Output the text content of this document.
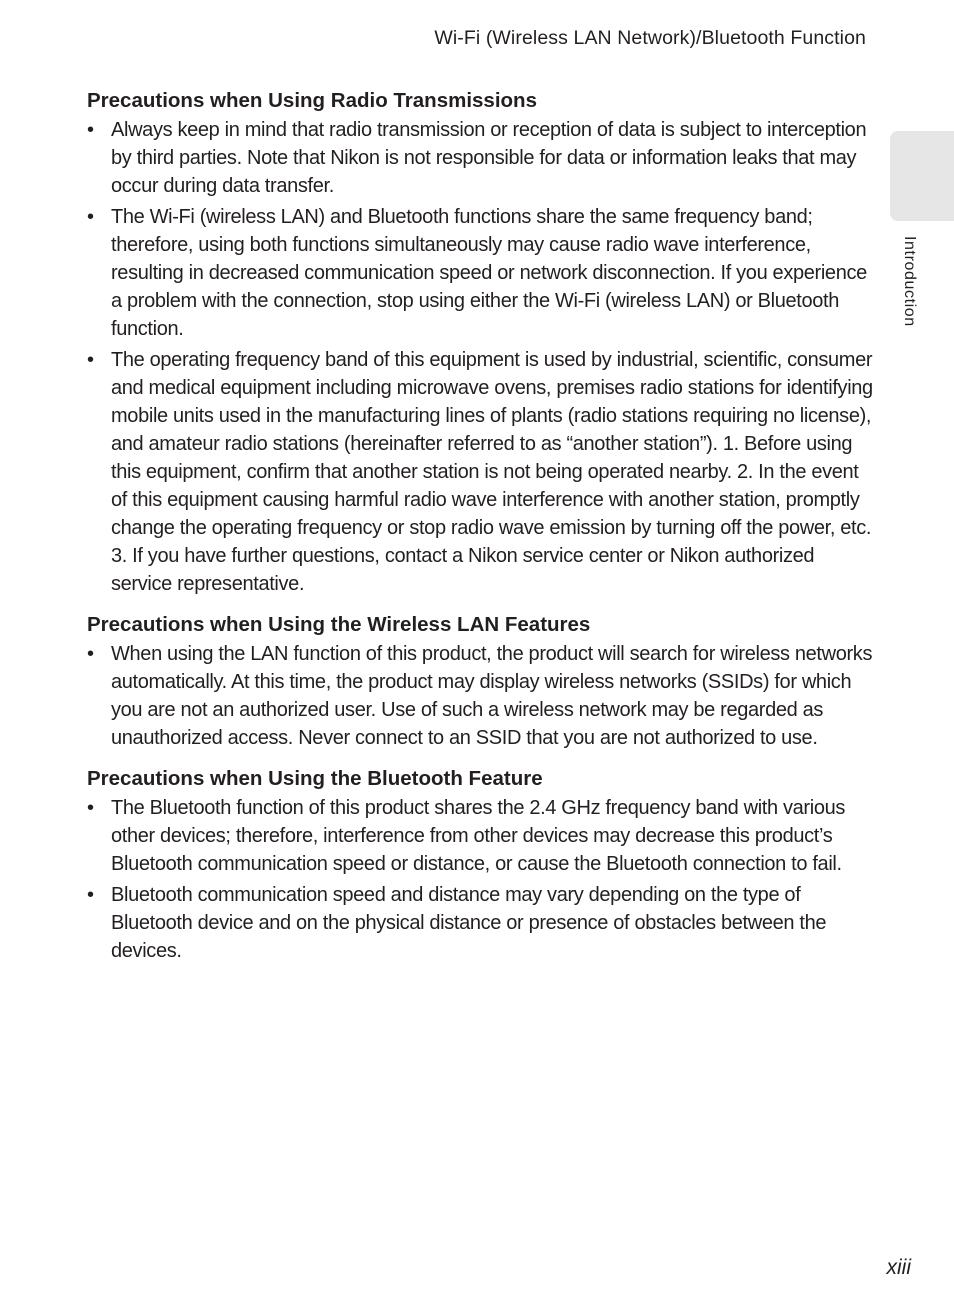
Wi-Fi (Wireless LAN Network)/Bluetooth Function
Introduction
Precautions when Using Radio Transmissions
• Always keep in mind that radio transmission or reception of data is subject to interception by third parties. Note that Nikon is not responsible for data or information leaks that may occur during data transfer.
• The Wi-Fi (wireless LAN) and Bluetooth functions share the same frequency band; therefore, using both functions simultaneously may cause radio wave interference, resulting in decreased communication speed or network disconnection. If you experience a problem with the connection, stop using either the Wi-Fi (wireless LAN) or Bluetooth function.
• The operating frequency band of this equipment is used by industrial, scientific, consumer and medical equipment including microwave ovens, premises radio stations for identifying mobile units used in the manufacturing lines of plants (radio stations requiring no license), and amateur radio stations (hereinafter referred to as “another station”). 1. Before using this equipment, confirm that another station is not being operated nearby. 2. In the event of this equipment causing harmful radio wave interference with another station, promptly change the operating frequency or stop radio wave emission by turning off the power, etc. 3. If you have further questions, contact a Nikon service center or Nikon authorized service representative.
Precautions when Using the Wireless LAN Features
• When using the LAN function of this product, the product will search for wireless networks automatically. At this time, the product may display wireless networks (SSIDs) for which you are not an authorized user. Use of such a wireless network may be regarded as unauthorized access. Never connect to an SSID that you are not authorized to use.
Precautions when Using the Bluetooth Feature
• The Bluetooth function of this product shares the 2.4 GHz frequency band with various other devices; therefore, interference from other devices may decrease this product’s Bluetooth communication speed or distance, or cause the Bluetooth connection to fail.
• Bluetooth communication speed and distance may vary depending on the type of Bluetooth device and on the physical distance or presence of obstacles between the devices.
xiii
